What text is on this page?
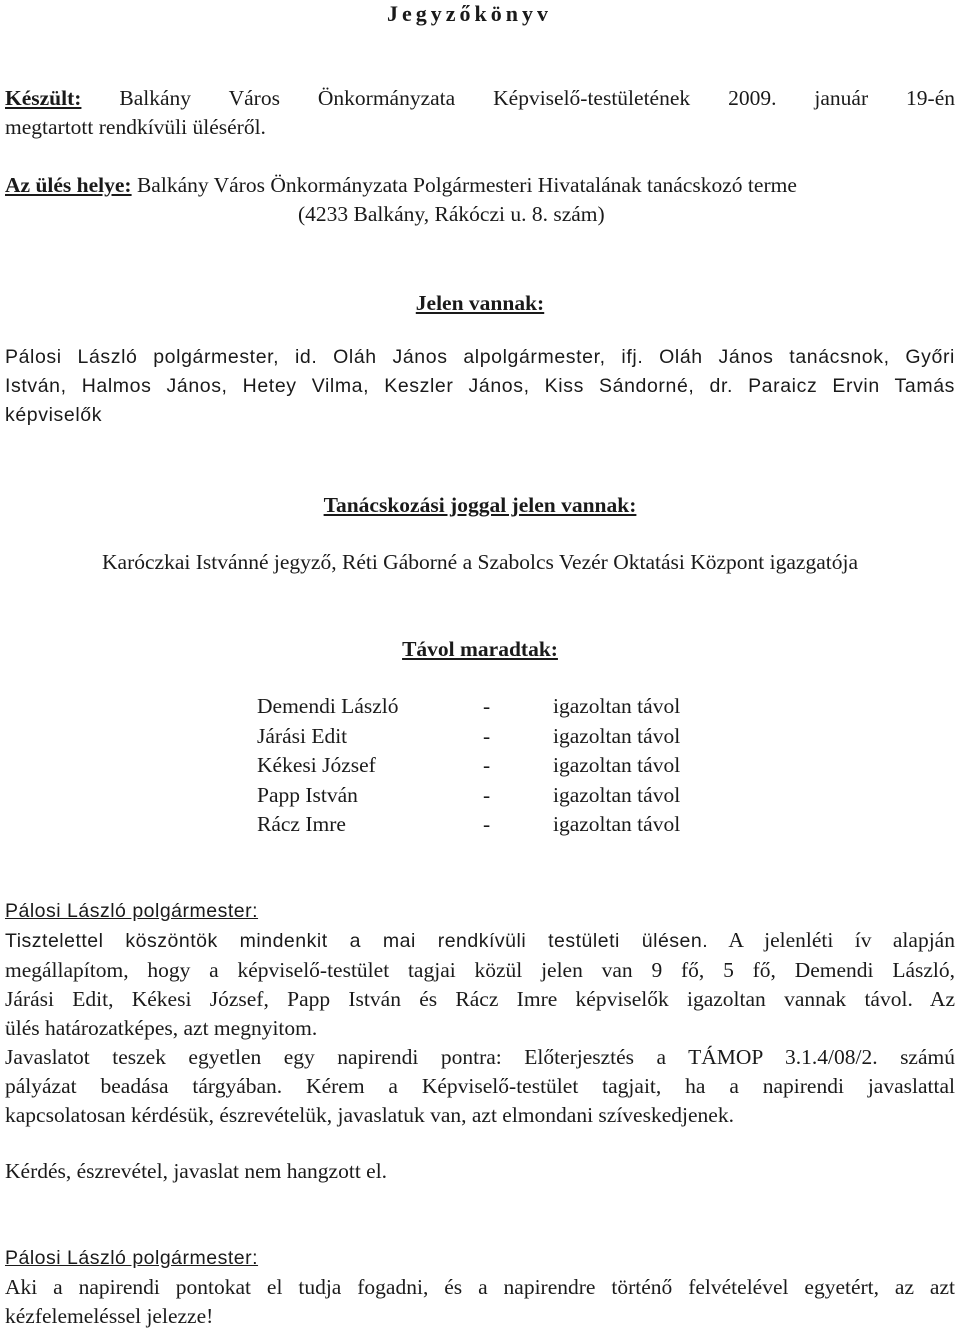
Jegyzőkönyv
Készült: Balkány Város Önkormányzata Képviselő-testületének 2009. január 19-én
megtartott rendkívüli üléséről.
Az ülés helye: Balkány Város Önkormányzata Polgármesteri Hivatalának tanácskozó terme
(4233 Balkány, Rákóczi u. 8. szám)
Jelen vannak:
Pálosi László polgármester, id. Oláh János alpolgármester, ifj. Oláh János tanácsnok, Győri
István, Halmos János, Hetey Vilma, Keszler János, Kiss Sándorné, dr. Paraicz Ervin Tamás
képviselők
Tanácskozási joggal jelen vannak:
Karóczkai Istvánné jegyző, Réti Gáborné a Szabolcs Vezér Oktatási Központ igazgatója
Távol maradtak:
Demendi László	-	igazoltan távol
Járási Edit	-	igazoltan távol
Kékesi József	-	igazoltan távol
Papp István	-	igazoltan távol
Rácz Imre	-	igazoltan távol
Pálosi László polgármester:
Tisztelettel köszöntök mindenkit a mai rendkívüli testületi ülésen. A jelenléti ív alapján
megállapítom, hogy a képviselő-testület tagjai közül jelen van 9 fő, 5 fő, Demendi László,
Járási Edit, Kékesi József, Papp István és Rácz Imre képviselők igazoltan vannak távol. Az
ülés határozatképes, azt megnyitom.
Javaslatot teszek egyetlen egy napirendi pontra: Előterjesztés a TÁMOP 3.1.4/08/2. számú
pályázat beadása tárgyában. Kérem a Képviselő-testület tagjait, ha a napirendi javaslattal
kapcsolatosan kérdésük, észrevételük, javaslatuk van, azt elmondani szíveskedjenek.
Kérdés, észrevétel, javaslat nem hangzott el.
Pálosi László polgármester:
Aki a napirendi pontokat el tudja fogadni, és a napirendre történő felvételével egyetért, az azt
kézfelemeléssel jelezze!
